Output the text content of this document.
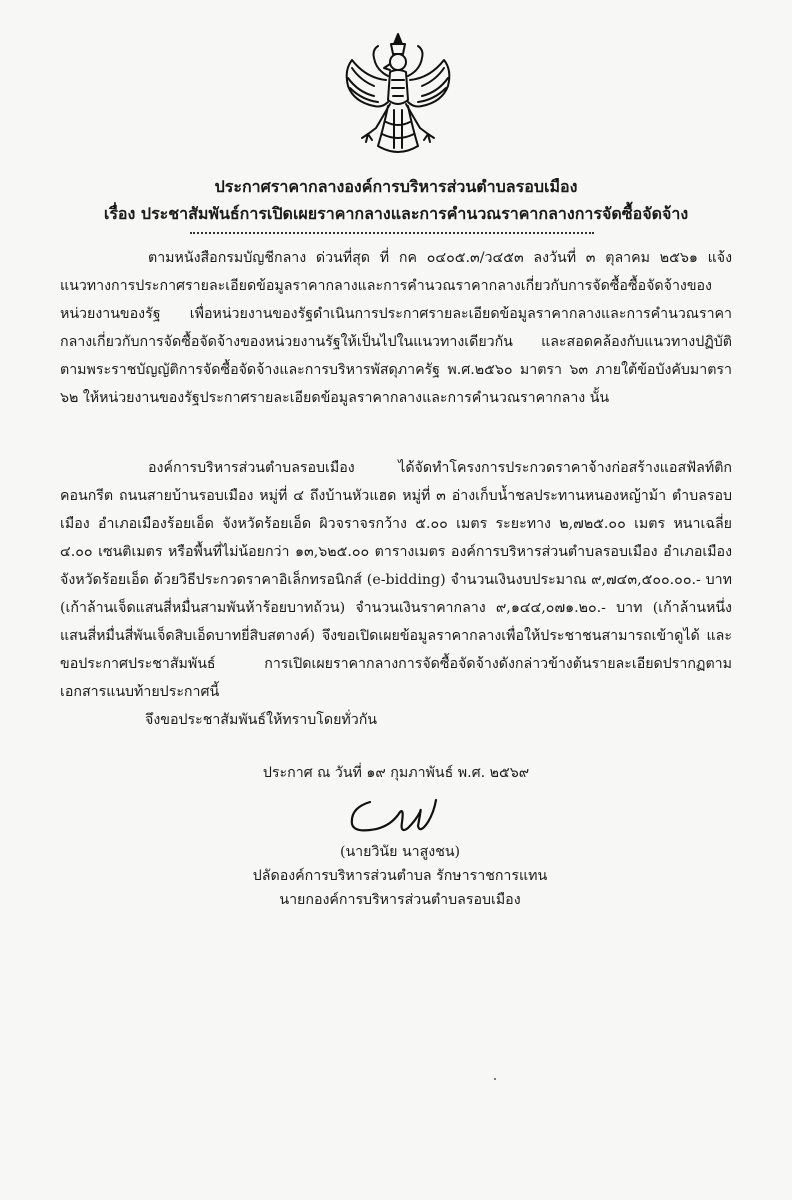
ประกาศราคากลางองค์การบริหารส่วนตำบลรอบเมือง
เรื่อง ประชาสัมพันธ์การเปิดเผยราคากลางและการคำนวณราคากลางการจัดซื้อจัดจ้าง
ตามหนังสือกรมบัญชีกลาง ด่วนที่สุด ที่ กค ๐๔๐๕.๓/ว๔๕๓ ลงวันที่ ๓ ตุลาคม ๒๕๖๑ แจ้งแนวทางการประกาศรายละเอียดข้อมูลราคากลางและการคำนวณราคากลางเกี่ยวกับการจัดซื้อซื้อจัดจ้างของหน่วยงานของรัฐ เพื่อหน่วยงานของรัฐดำเนินการประกาศรายละเอียดข้อมูลราคากลางและการคำนวณราคากลางเกี่ยวกับการจัดซื้อจัดจ้างของหน่วยงานรัฐให้เป็นไปในแนวทางเดียวกัน และสอดคล้องกับแนวทางปฏิบัติตามพระราชบัญญัติการจัดซื้อจัดจ้างและการบริหารพัสดุภาครัฐ พ.ศ.๒๕๖๐ มาตรา ๖๓ ภายใต้ข้อบังคับมาตรา ๖๒ ให้หน่วยงานของรัฐประกาศรายละเอียดข้อมูลราคากลางและการคำนวณราคากลาง นั้น
องค์การบริหารส่วนตำบลรอบเมือง ได้จัดทำโครงการประกวดราคาจ้างก่อสร้างแอสฟัลท์ติกคอนกรีต ถนนสายบ้านรอบเมือง หมู่ที่ ๔ ถึงบ้านหัวแฮด หมู่ที่ ๓ อ่างเก็บน้ำชลประทานหนองหญ้าม้า ตำบลรอบเมือง อำเภอเมืองร้อยเอ็ด จังหวัดร้อยเอ็ด ผิวจราจรกว้าง ๕.๐๐ เมตร ระยะทาง ๒,๗๒๕.๐๐ เมตร หนาเฉลี่ย ๔.๐๐ เซนติเมตร หรือพื้นที่ไม่น้อยกว่า ๑๓,๖๒๕.๐๐ ตารางเมตร องค์การบริหารส่วนตำบลรอบเมือง อำเภอเมือง จังหวัดร้อยเอ็ด ด้วยวิธีประกวดราคาอิเล็กทรอนิกส์ (e-bidding) จำนวนเงินงบประมาณ ๙,๗๔๓,๕๐๐.๐๐.- บาท (เก้าล้านเจ็ดแสนสี่หมื่นสามพันห้าร้อยบาทถ้วน) จำนวนเงินราคากลาง ๙,๑๔๔,๐๗๑.๒๐.- บาท (เก้าล้านหนึ่งแสนสี่หมื่นสี่พันเจ็ดสิบเอ็ดบาทยี่สิบสตางค์) จึงขอเปิดเผยข้อมูลราคากลางเพื่อให้ประชาชนสามารถเข้าดูได้ และขอประกาศประชาสัมพันธ์ การเปิดเผยราคากลางการจัดซื้อจัดจ้างดังกล่าวข้างต้นรายละเอียดปรากฏตามเอกสารแนบท้ายประกาศนี้
จึงขอประชาสัมพันธ์ให้ทราบโดยทั่วกัน
ประกาศ ณ วันที่ ๑๙ กุมภาพันธ์ พ.ศ. ๒๕๖๙
(นายวินัย นาสูงชน)
ปลัดองค์การบริหารส่วนตำบล รักษาราชการแทน
นายกองค์การบริหารส่วนตำบลรอบเมือง
